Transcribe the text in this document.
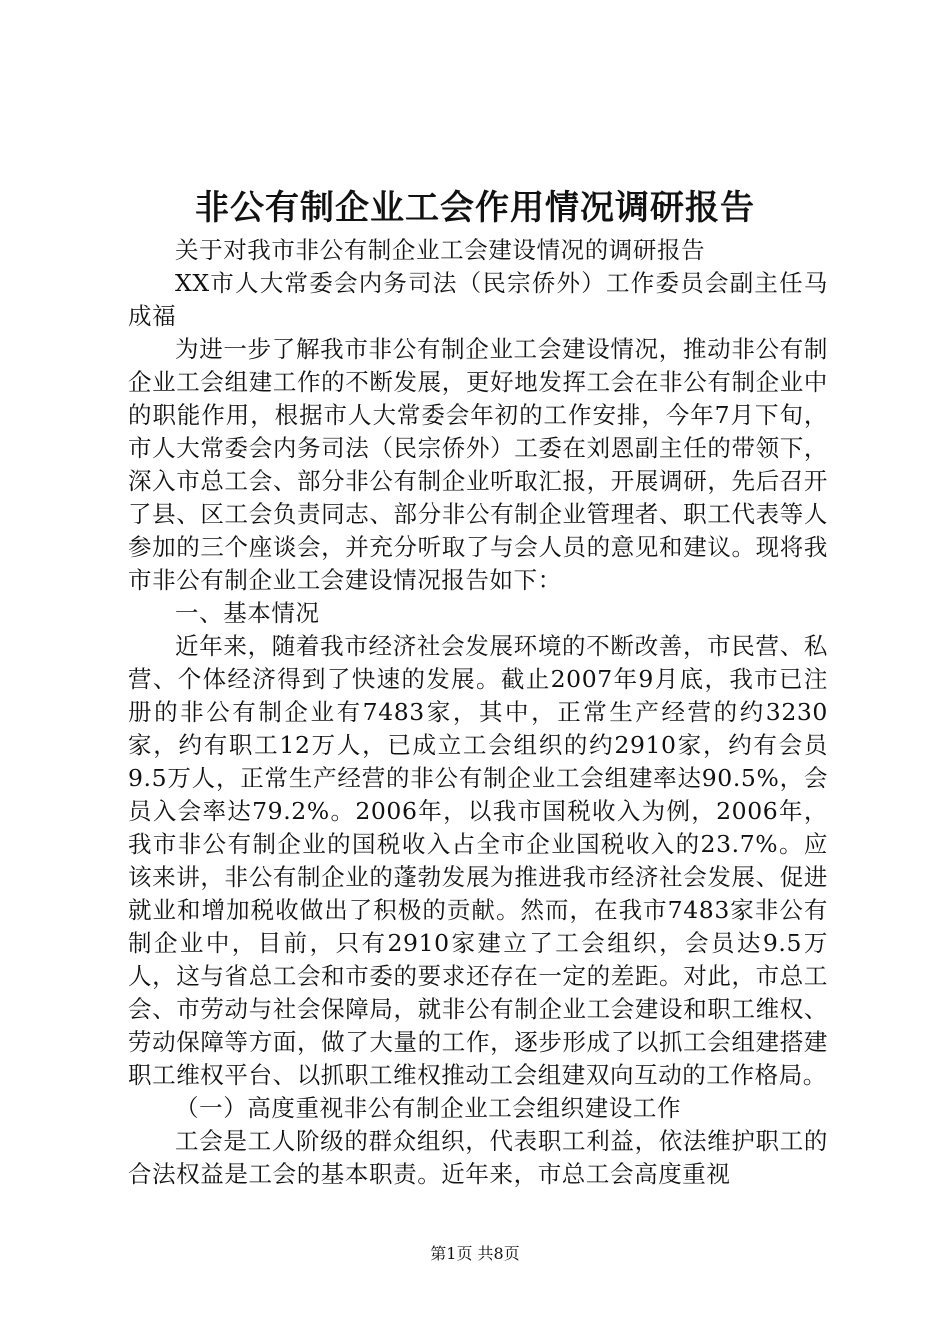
非公有制企业工会作用情况调研报告

关于对我市非公有制企业工会建设情况的调研报告

XX市人大常委会内务司法（民宗侨外）工作委员会副主任马成福

为进一步了解我市非公有制企业工会建设情况，推动非公有制企业工会组建工作的不断发展，更好地发挥工会在非公有制企业中的职能作用，根据市人大常委会年初的工作安排，今年7月下旬，市人大常委会内务司法（民宗侨外）工委在刘恩副主任的带领下，深入市总工会、部分非公有制企业听取汇报，开展调研，先后召开了县、区工会负责同志、部分非公有制企业管理者、职工代表等人参加的三个座谈会，并充分听取了与会人员的意见和建议。现将我市非公有制企业工会建设情况报告如下：

一、基本情况

近年来，随着我市经济社会发展环境的不断改善，市民营、私营、个体经济得到了快速的发展。截止2007年9月底，我市已注册的非公有制企业有7483家，其中，正常生产经营的约3230家，约有职工12万人，已成立工会组织的约2910家，约有会员9.5万人，正常生产经营的非公有制企业工会组建率达90.5%，会员入会率达79.2%。2006年，以我市国税收入为例，2006年，我市非公有制企业的国税收入占全市企业国税收入的23.7%。应该来讲，非公有制企业的蓬勃发展为推进我市经济社会发展、促进就业和增加税收做出了积极的贡献。然而，在我市7483家非公有制企业中，目前，只有2910家建立了工会组织，会员达9.5万人，这与省总工会和市委的要求还存在一定的差距。对此，市总工会、市劳动与社会保障局，就非公有制企业工会建设和职工维权、劳动保障等方面，做了大量的工作，逐步形成了以抓工会组建搭建职工维权平台、以抓职工维权推动工会组建双向互动的工作格局。

（一）高度重视非公有制企业工会组织建设工作

工会是工人阶级的群众组织，代表职工利益，依法维护职工的合法权益是工会的基本职责。近年来，市总工会高度重视

第1页 共8页
